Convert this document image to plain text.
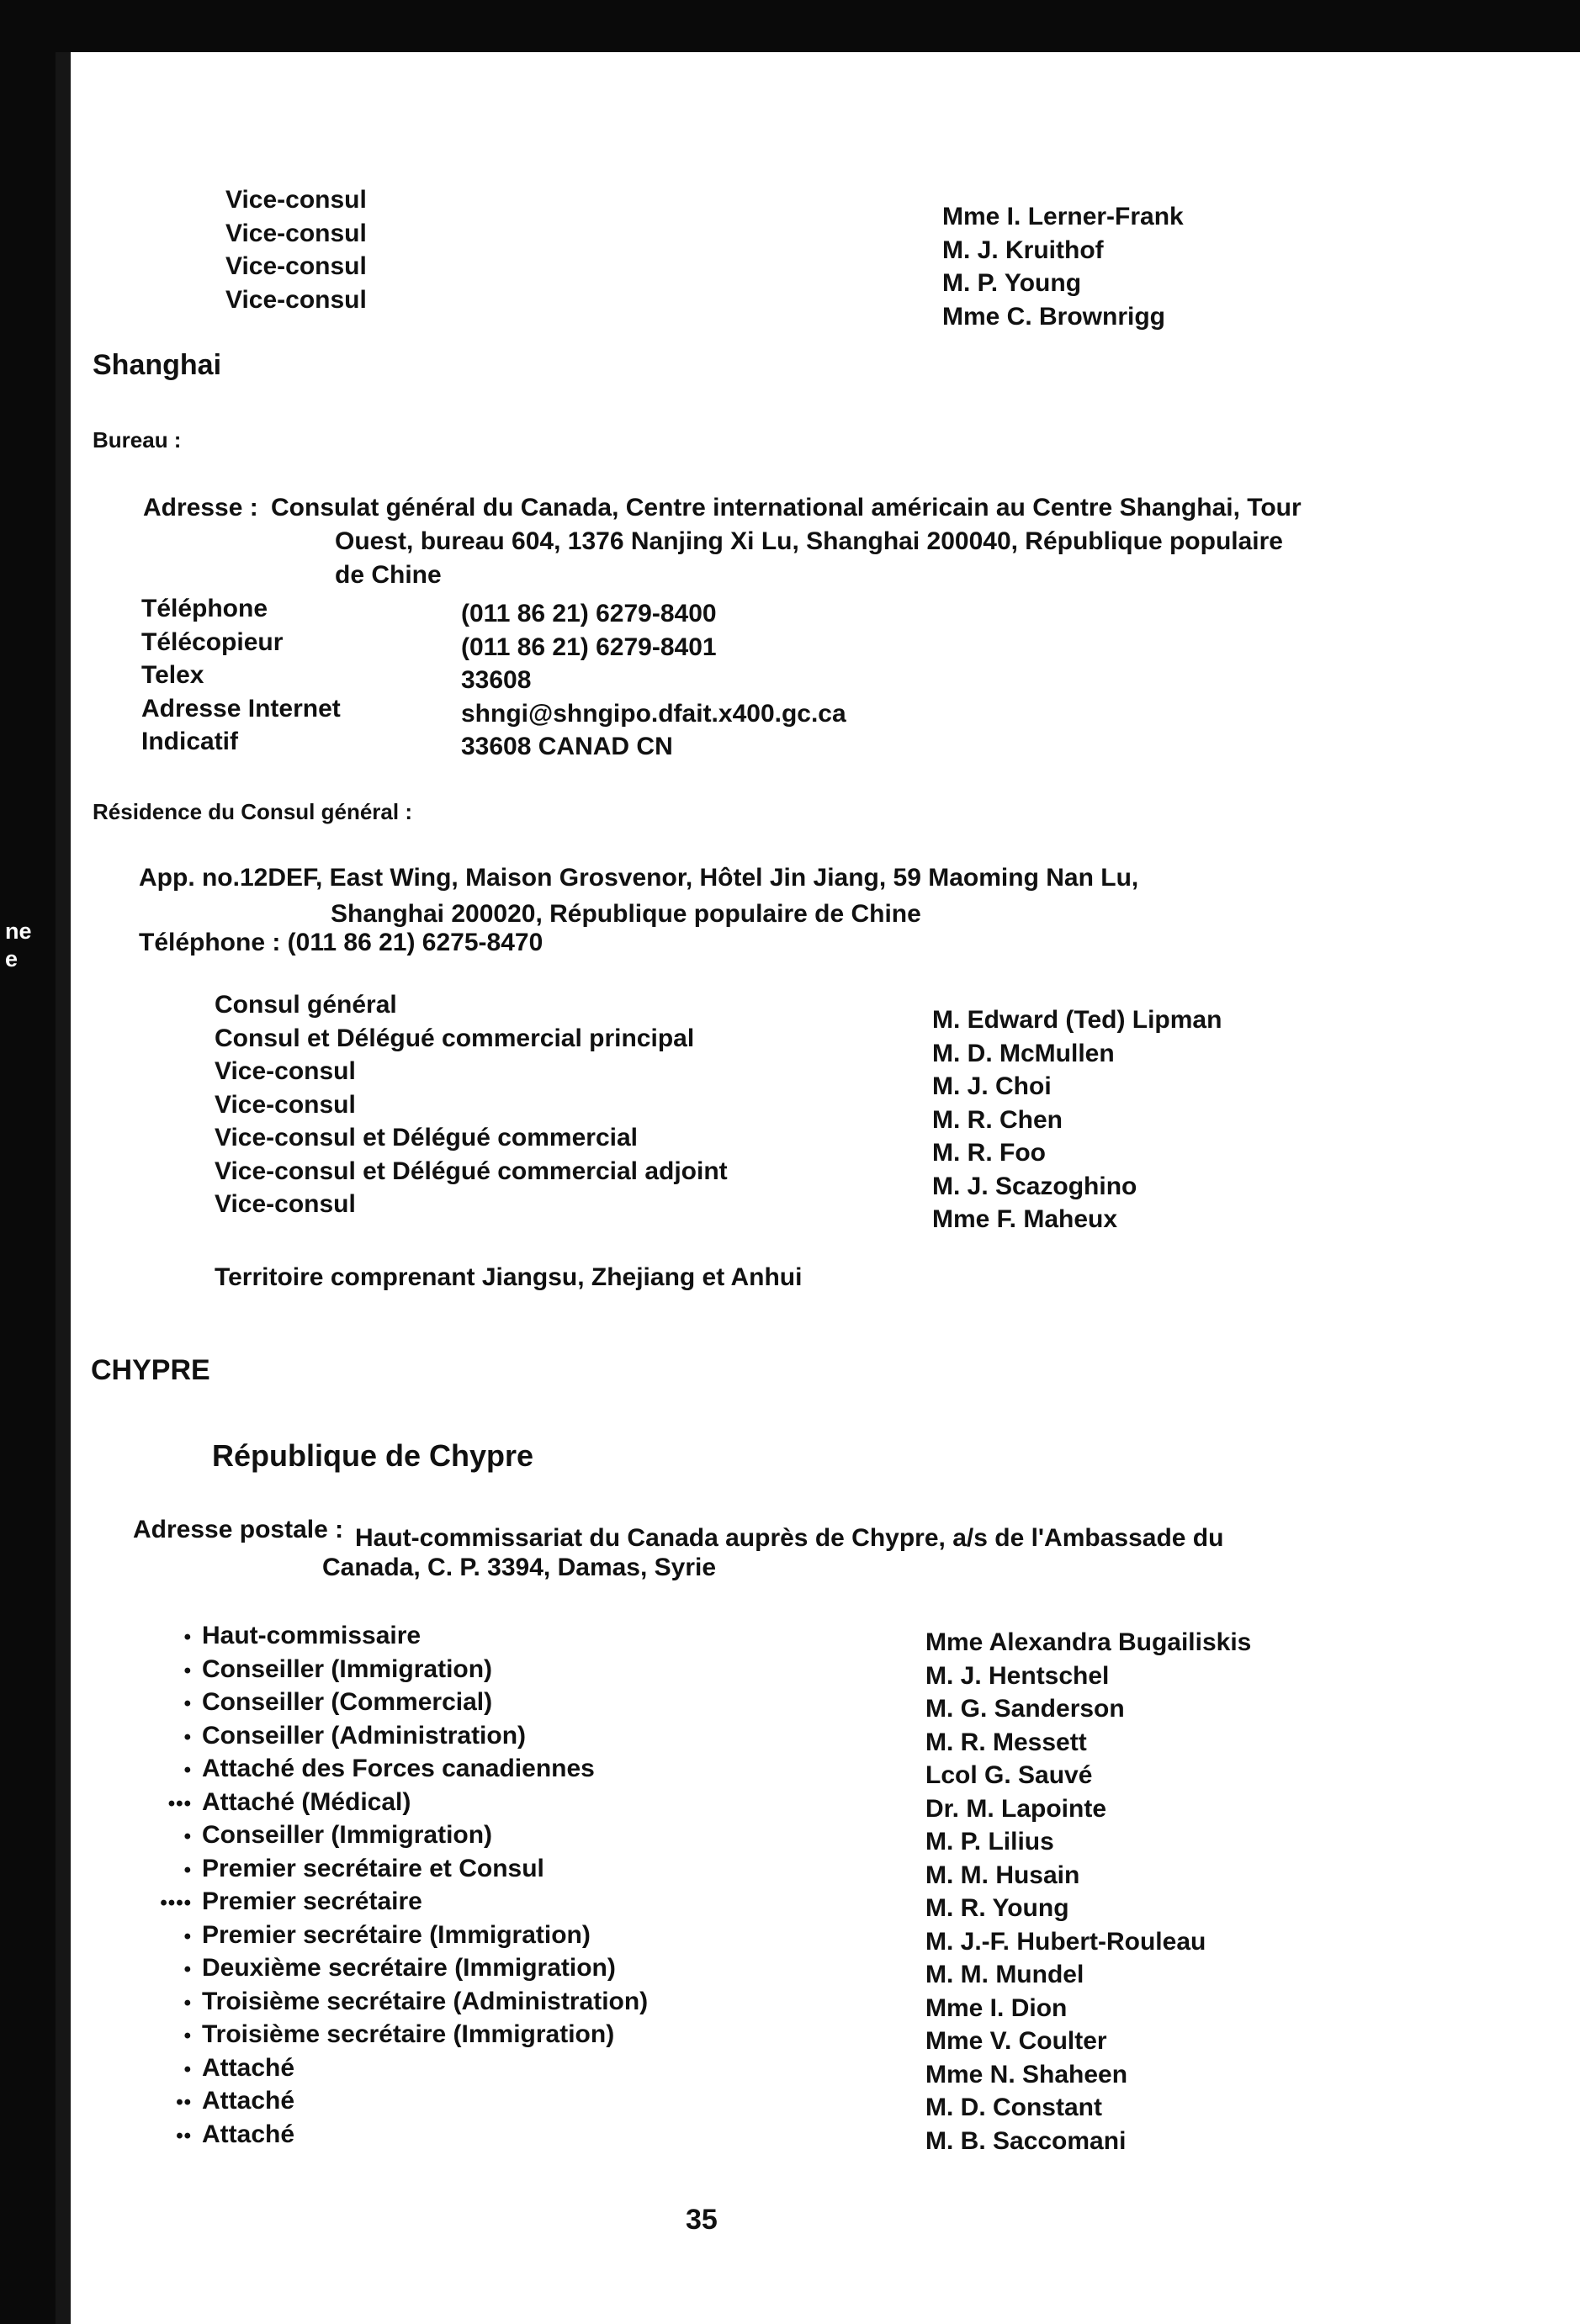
ne
e
Vice-consul
Vice-consul
Vice-consul
Vice-consul
Mme I. Lerner-Frank
M. J. Kruithof
M. P. Young
Mme C. Brownrigg
Shanghai
Bureau :
Adresse : Consulat général du Canada, Centre international américain au Centre Shanghai, Tour
Ouest, bureau 604, 1376 Nanjing Xi Lu, Shanghai 200040, République populaire
de Chine
Téléphone
Télécopieur
Telex
Adresse Internet
Indicatif
(011 86 21) 6279-8400
(011 86 21) 6279-8401
33608
shngi@shngipo.dfait.x400.gc.ca
33608 CANAD CN
Résidence du Consul général :
App. no.12DEF, East Wing, Maison Grosvenor, Hôtel Jin Jiang, 59 Maoming Nan Lu,
Shanghai 200020, République populaire de Chine
Téléphone : (011 86 21) 6275-8470
Consul général
Consul et Délégué commercial principal
Vice-consul
Vice-consul
Vice-consul et Délégué commercial
Vice-consul et Délégué commercial adjoint
Vice-consul
M. Edward (Ted) Lipman
M. D. McMullen
M. J. Choi
M. R. Chen
M. R. Foo
M. J. Scazoghino
Mme F. Maheux
Territoire comprenant Jiangsu, Zhejiang et Anhui
CHYPRE
République de Chypre
Adresse postale : Haut-commissariat du Canada auprès de Chypre, a/s de l'Ambassade du
Canada, C. P. 3394, Damas, Syrie
• Haut-commissaire
• Conseiller (Immigration)
• Conseiller (Commercial)
• Conseiller (Administration)
• Attaché des Forces canadiennes
••• Attaché (Médical)
• Conseiller (Immigration)
• Premier secrétaire et Consul
•••• Premier secrétaire
• Premier secrétaire (Immigration)
• Deuxième secrétaire (Immigration)
• Troisième secrétaire (Administration)
• Troisième secrétaire (Immigration)
• Attaché
•• Attaché
•• Attaché
Mme Alexandra Bugailiskis
M. J. Hentschel
M. G. Sanderson
M. R. Messett
Lcol G. Sauvé
Dr. M. Lapointe
M. P. Lilius
M. M. Husain
M. R. Young
M. J.-F. Hubert-Rouleau
M. M. Mundel
Mme I. Dion
Mme V. Coulter
Mme N. Shaheen
M. D. Constant
M. B. Saccomani
35
